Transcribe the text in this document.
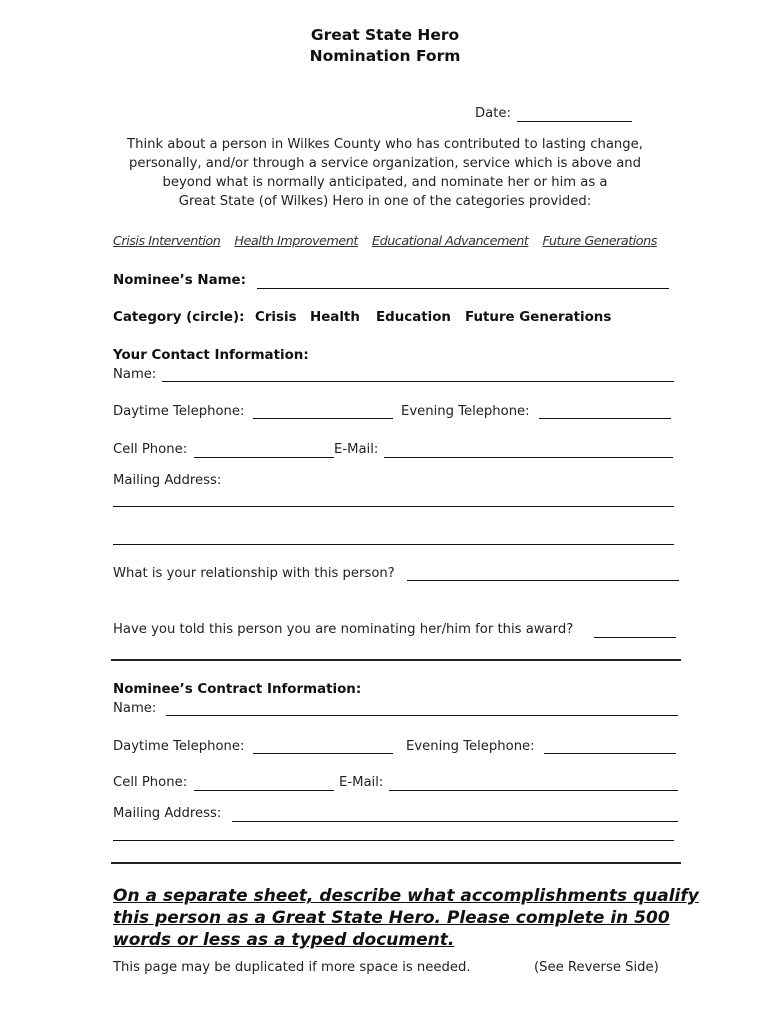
Great State Hero
Nomination Form
Date:
Think about a person in Wilkes County who has contributed to lasting change,
personally, and/or through a service organization, service which is above and
beyond what is normally anticipated, and nominate her or him as a
Great State (of Wilkes) Hero in one of the categories provided:
Crisis Intervention Health Improvement Educational Advancement Future Generations
Nominee’s Name:
Category (circle): Crisis Health Education Future Generations
Your Contact Information:
Name:
Daytime Telephone:	Evening Telephone:
Cell Phone:	E-Mail:
Mailing Address:
What is your relationship with this person?
Have you told this person you are nominating her/him for this award?
Nominee’s Contract Information:
Name:
Daytime Telephone:	Evening Telephone:
Cell Phone:	E-Mail:
Mailing Address:
On a separate sheet, describe what accomplishments qualify this person as a Great State Hero. Please complete in 500 words or less as a typed document.
This page may be duplicated if more space is needed.	(See Reverse Side)
